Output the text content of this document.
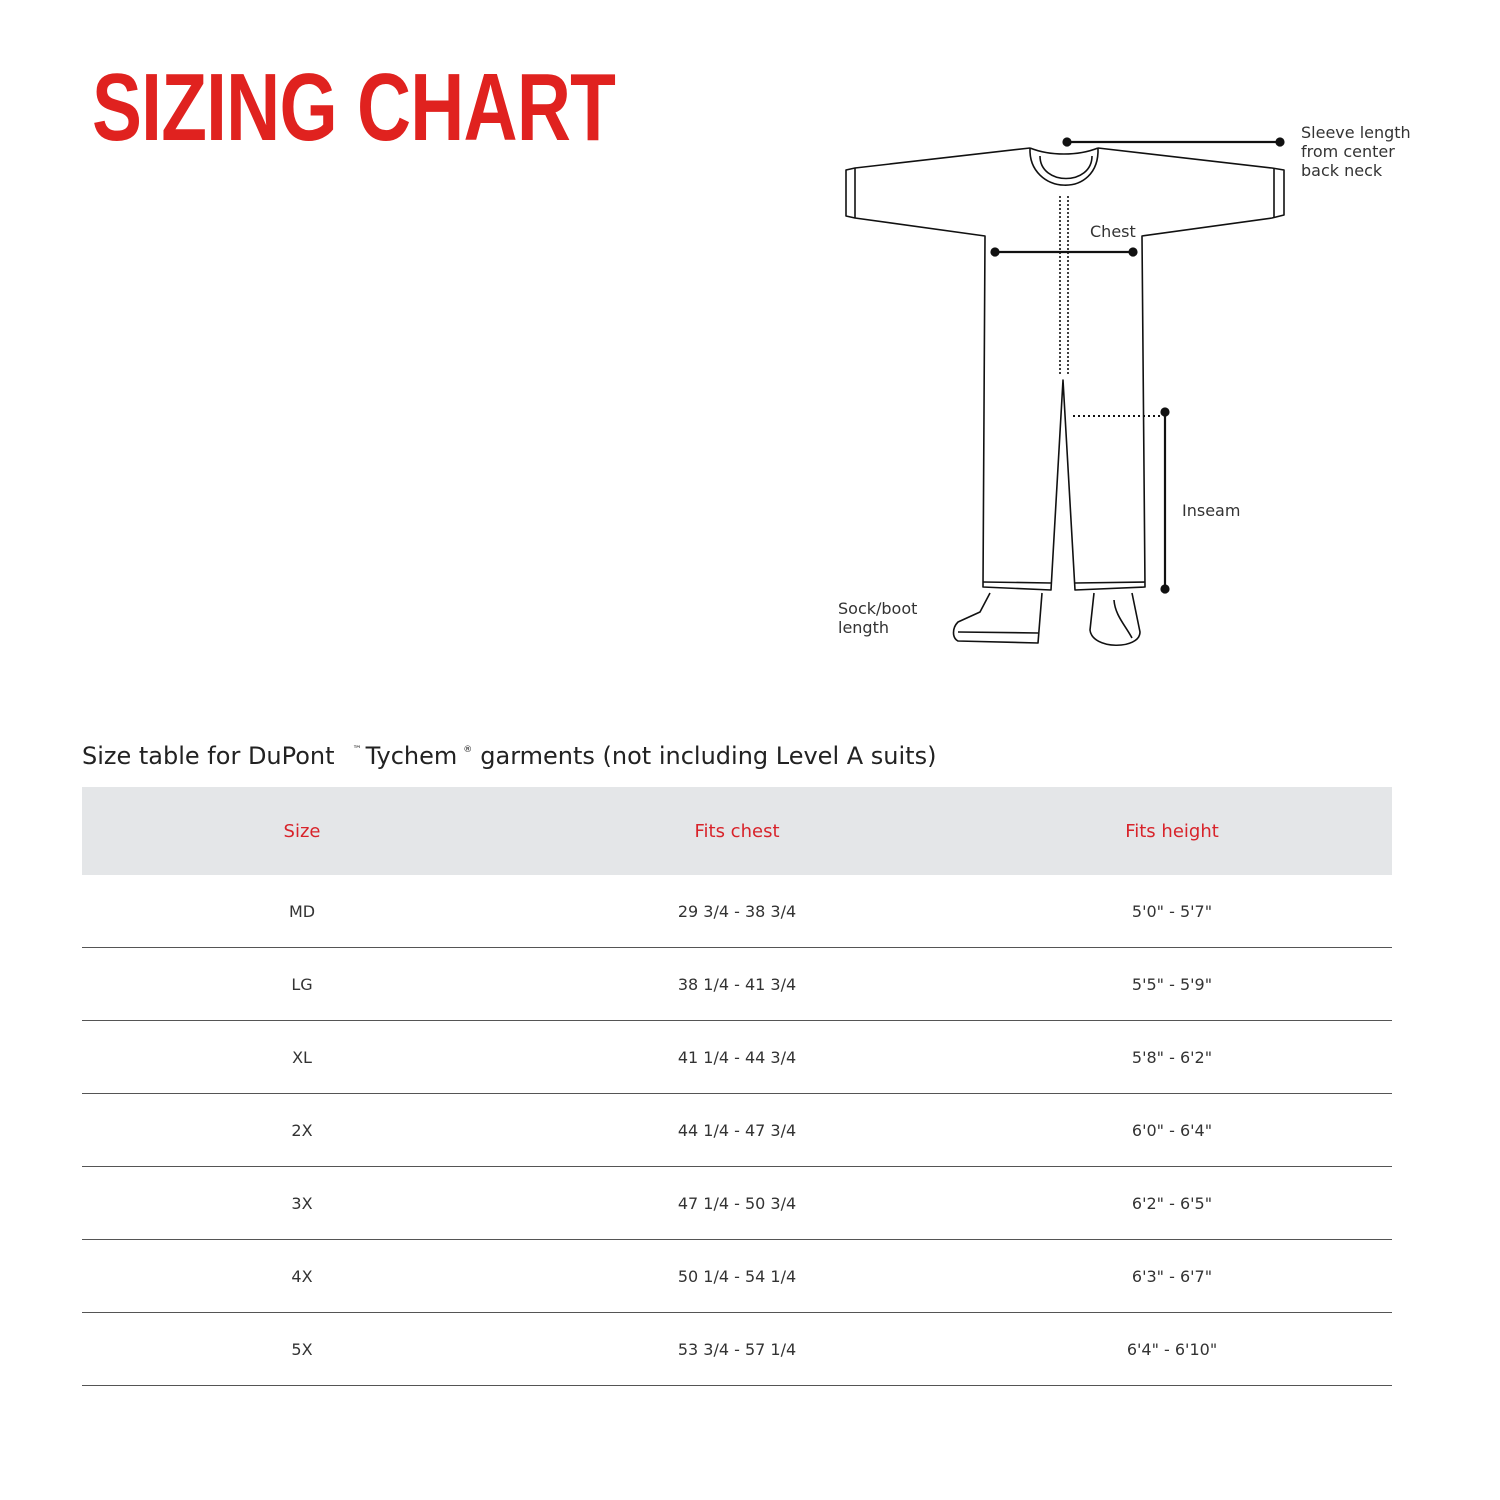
SIZING CHART	Sleeve length
from center
back neck
Chest
Inseam
Sock/boot
length
Size table for DuPont ™ Tychem ® garments (not including Level A suits)
Size	Fits chest	Fits height
MD	29 3/4 - 38 3/4	5'0" - 5'7"
LG	38 1/4 - 41 3/4	5'5" - 5'9"
XL	41 1/4 - 44 3/4	5'8" - 6'2"
2X	44 1/4 - 47 3/4	6'0" - 6'4"
3X	47 1/4 - 50 3/4	6'2" - 6'5"
4X	50 1/4 - 54 1/4	6'3" - 6'7"
5X	53 3/4 - 57 1/4	6'4" - 6'10"
